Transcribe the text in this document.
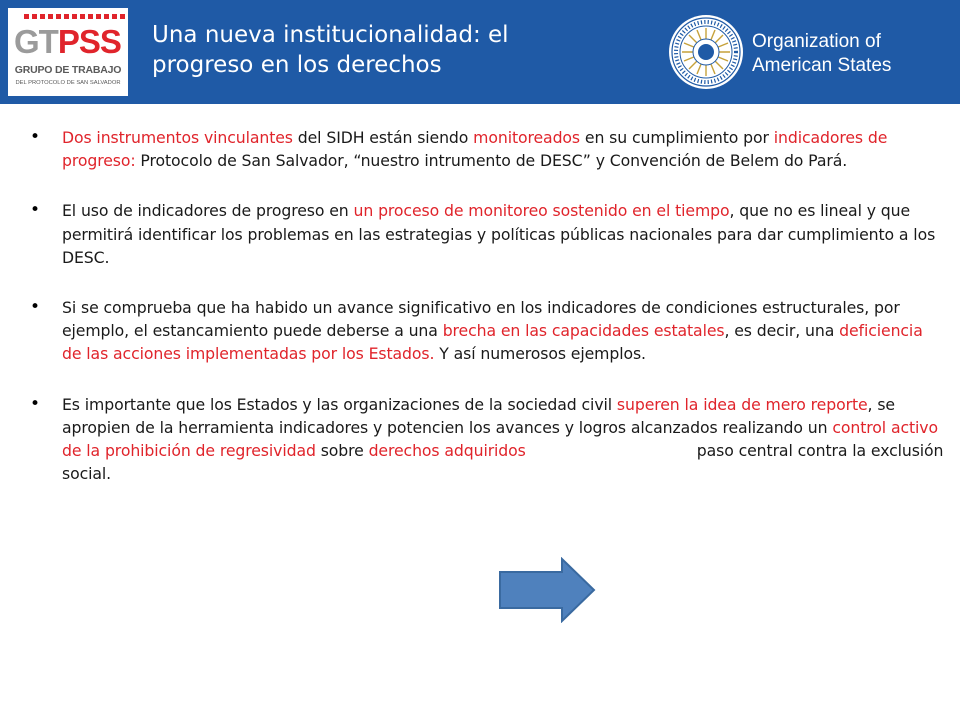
GTPSS
GRUPO DE TRABAJO
DEL PROTOCOLO DE SAN SALVADOR
Una nueva institucionalidad: el
progreso en los derechos
Organization of
American States
• Dos instrumentos vinculantes del SIDH están siendo monitoreados en su cumplimiento por indicadores de progreso: Protocolo de San Salvador, “nuestro intrumento de DESC” y Convención de Belem do Pará.
• El uso de indicadores de progreso en un proceso de monitoreo sostenido en el tiempo, que no es lineal y que permitirá identificar los problemas en las estrategias y políticas públicas nacionales para dar cumplimiento a los DESC.
• Si se comprueba que ha habido un avance significativo en los indicadores de condiciones estructurales, por ejemplo, el estancamiento puede deberse a una brecha en las capacidades estatales, es decir, una deficiencia de las acciones implementadas por los Estados. Y así numerosos ejemplos.
• Es importante que los Estados y las organizaciones de la sociedad civil superen la idea de mero reporte, se apropien de la herramienta indicadores y potencien los avances y logros alcanzados realizando un control activo de la prohibición de regresividad sobre derechos adquiridos                                   paso central contra la exclusión social.
